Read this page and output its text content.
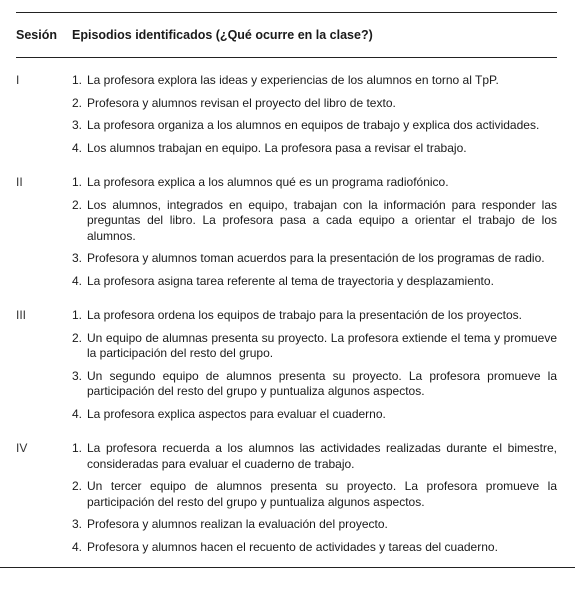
Sesión	Episodios identificados (¿Qué ocurre en la clase?)
I	1. La profesora explora las ideas y experiencias de los alumnos en torno al TpP.
2. Profesora y alumnos revisan el proyecto del libro de texto.
3. La profesora organiza a los alumnos en equipos de trabajo y explica dos actividades.
4. Los alumnos trabajan en equipo. La profesora pasa a revisar el trabajo.
II	1. La profesora explica a los alumnos qué es un programa radiofónico.
2. Los alumnos, integrados en equipo, trabajan con la información para responder las preguntas del libro. La profesora pasa a cada equipo a orientar el trabajo de los alumnos.
3. Profesora y alumnos toman acuerdos para la presentación de los programas de radio.
4. La profesora asigna tarea referente al tema de trayectoria y desplazamiento.
III	1. La profesora ordena los equipos de trabajo para la presentación de los proyectos.
2. Un equipo de alumnas presenta su proyecto. La profesora extiende el tema y promueve la participación del resto del grupo.
3. Un segundo equipo de alumnos presenta su proyecto. La profesora promueve la participación del resto del grupo y puntualiza algunos aspectos.
4. La profesora explica aspectos para evaluar el cuaderno.
IV	1. La profesora recuerda a los alumnos las actividades realizadas durante el bimestre, consideradas para evaluar el cuaderno de trabajo.
2. Un tercer equipo de alumnos presenta su proyecto. La profesora promueve la participación del resto del grupo y puntualiza algunos aspectos.
3. Profesora y alumnos realizan la evaluación del proyecto.
4. Profesora y alumnos hacen el recuento de actividades y tareas del cuaderno.
